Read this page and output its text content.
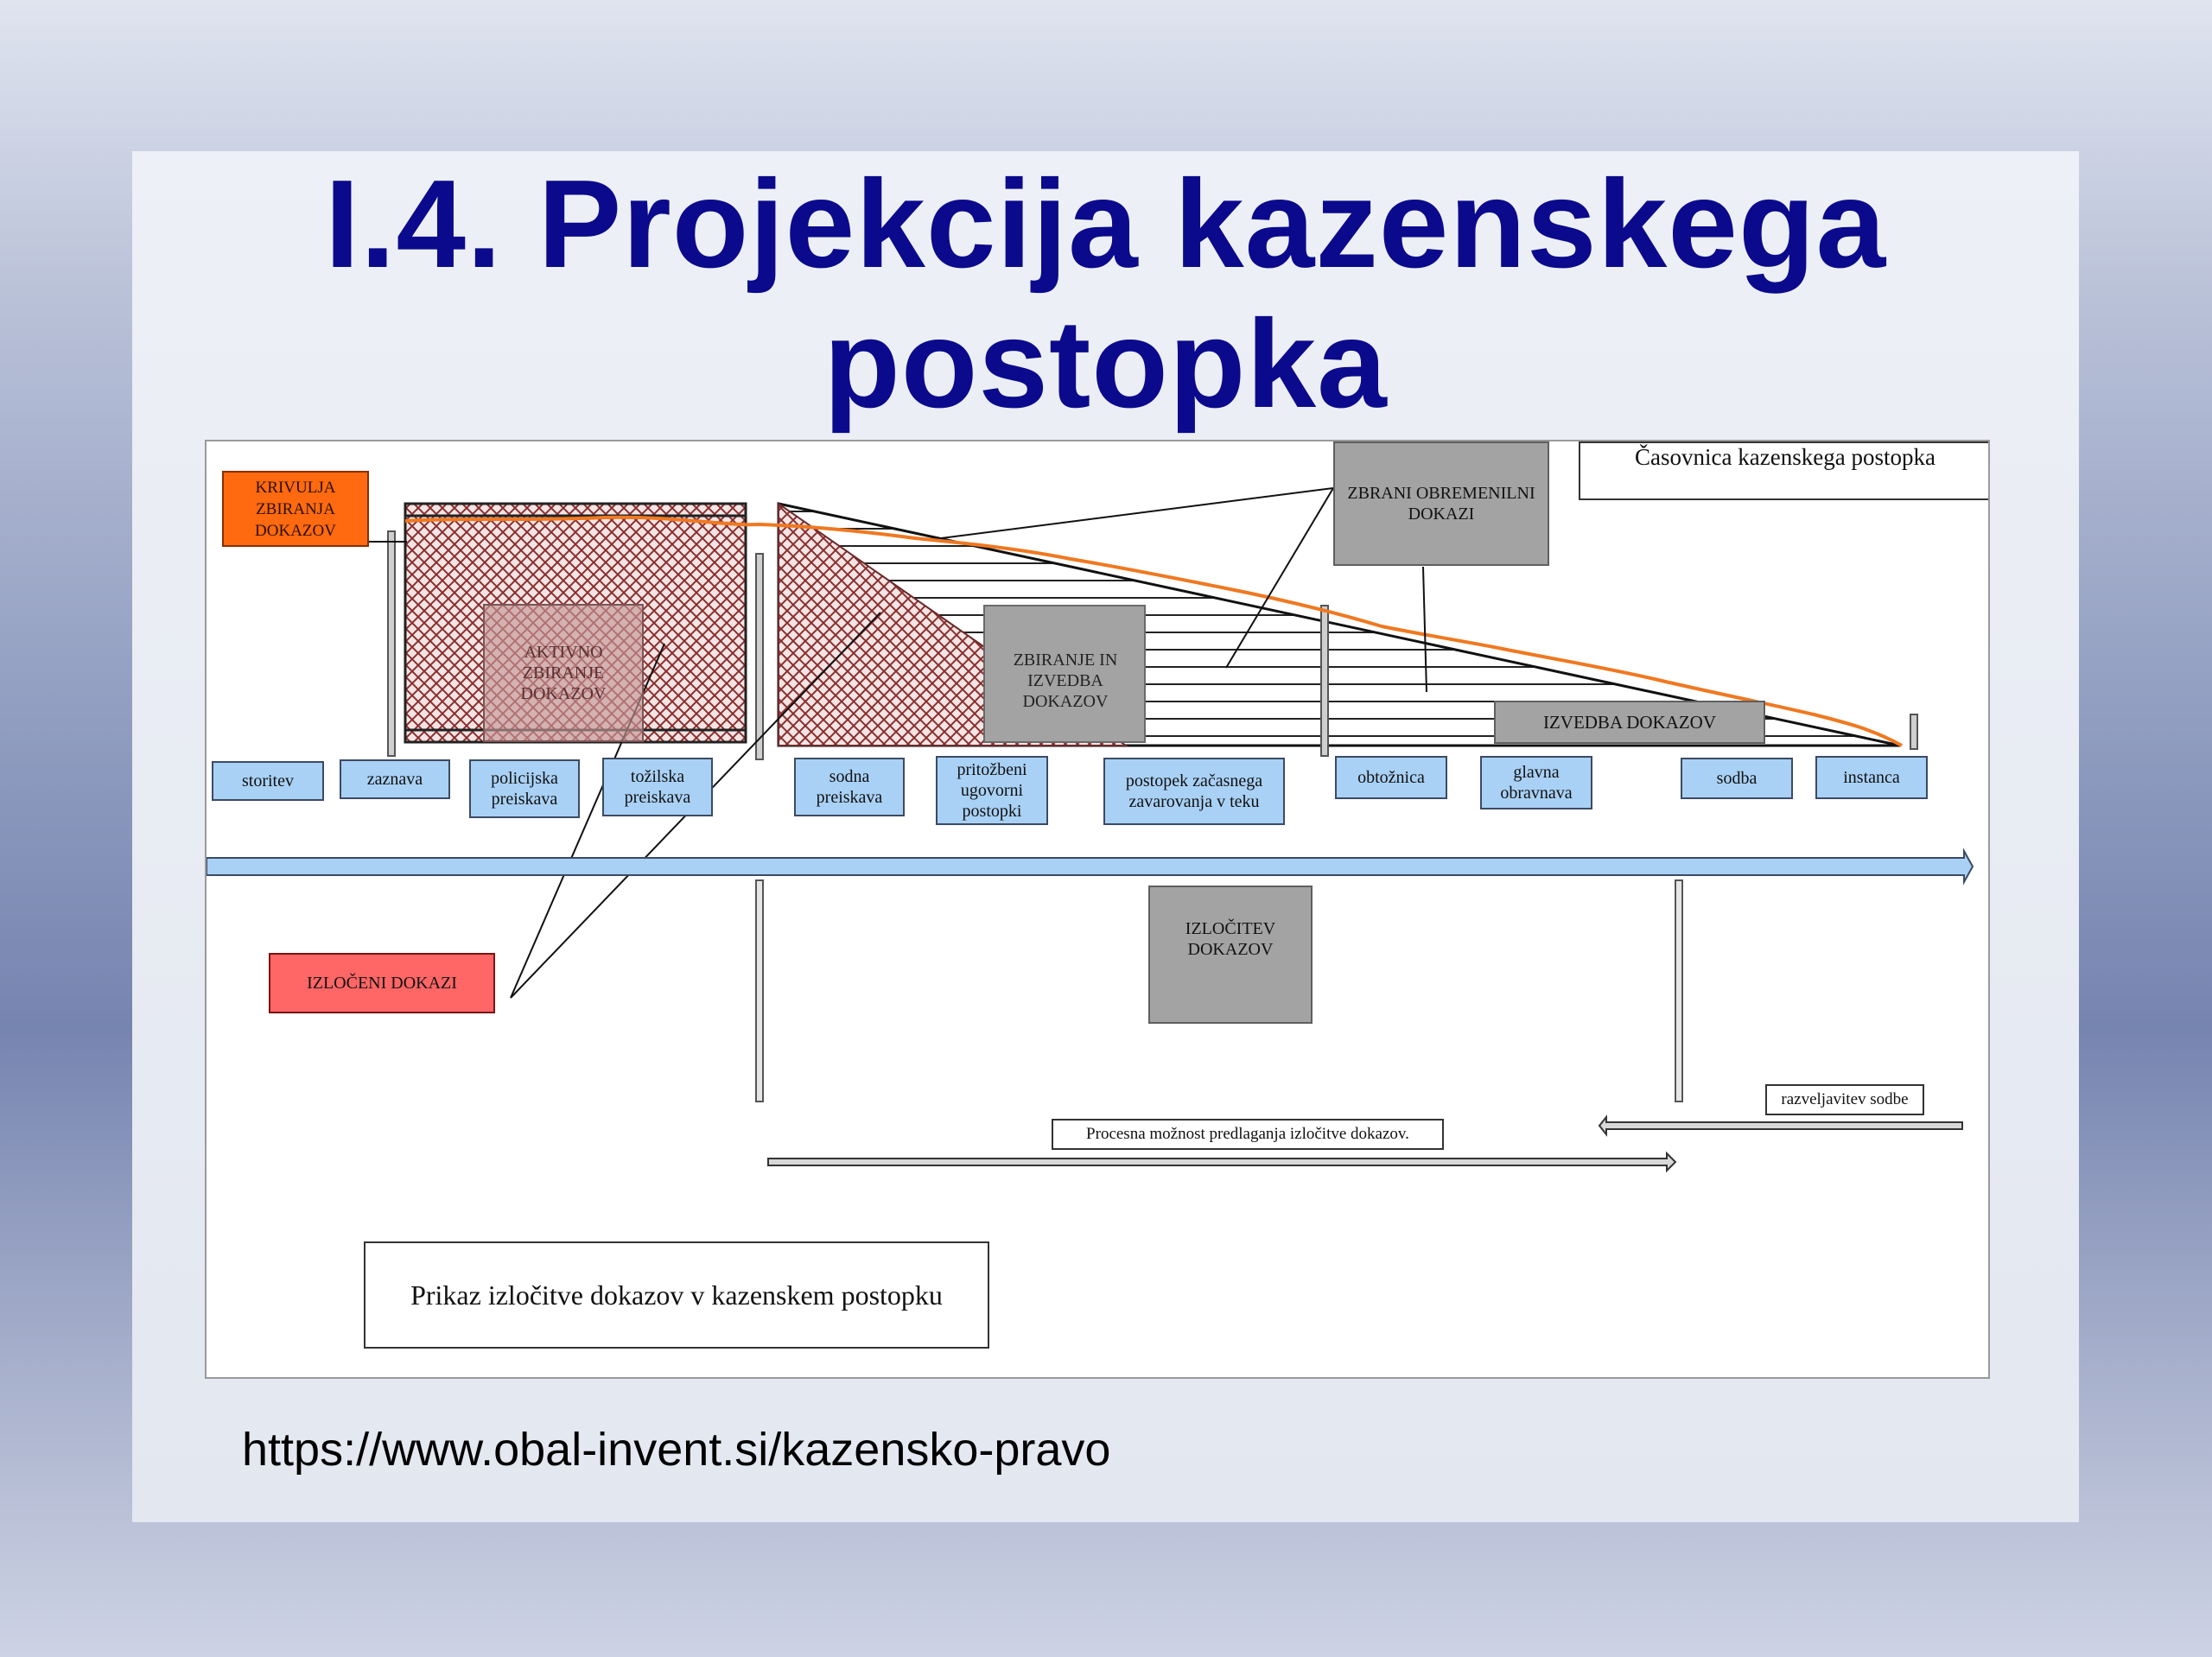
I.4. Projekcija kazenskega
postopka
Časovnica kazenskega postopka
KRIVULJA ZBIRANJA DOKAZOV
AKTIVNO ZBIRANJE DOKAZOV
ZBIRANJE IN IZVEDBA DOKAZOV
ZBRANI OBREMENILNI DOKAZI
IZVEDBA DOKAZOV
storitev	zaznava	policijska preiskava
tožilska preiskava
sodna preiskava
pritožbeni ugovorni postopki
postopek začasnega zavarovanja v teku
obtožnica	glavna obravnava
sodba	instanca
IZLOČENI DOKAZI
IZLOČITEV DOKAZOV
Procesna možnost predlaganja izločitve dokazov.
razveljavitev sodbe
Prikaz izločitve dokazov v kazenskem postopku
https://www.obal-invent.si/kazensko-pravo
